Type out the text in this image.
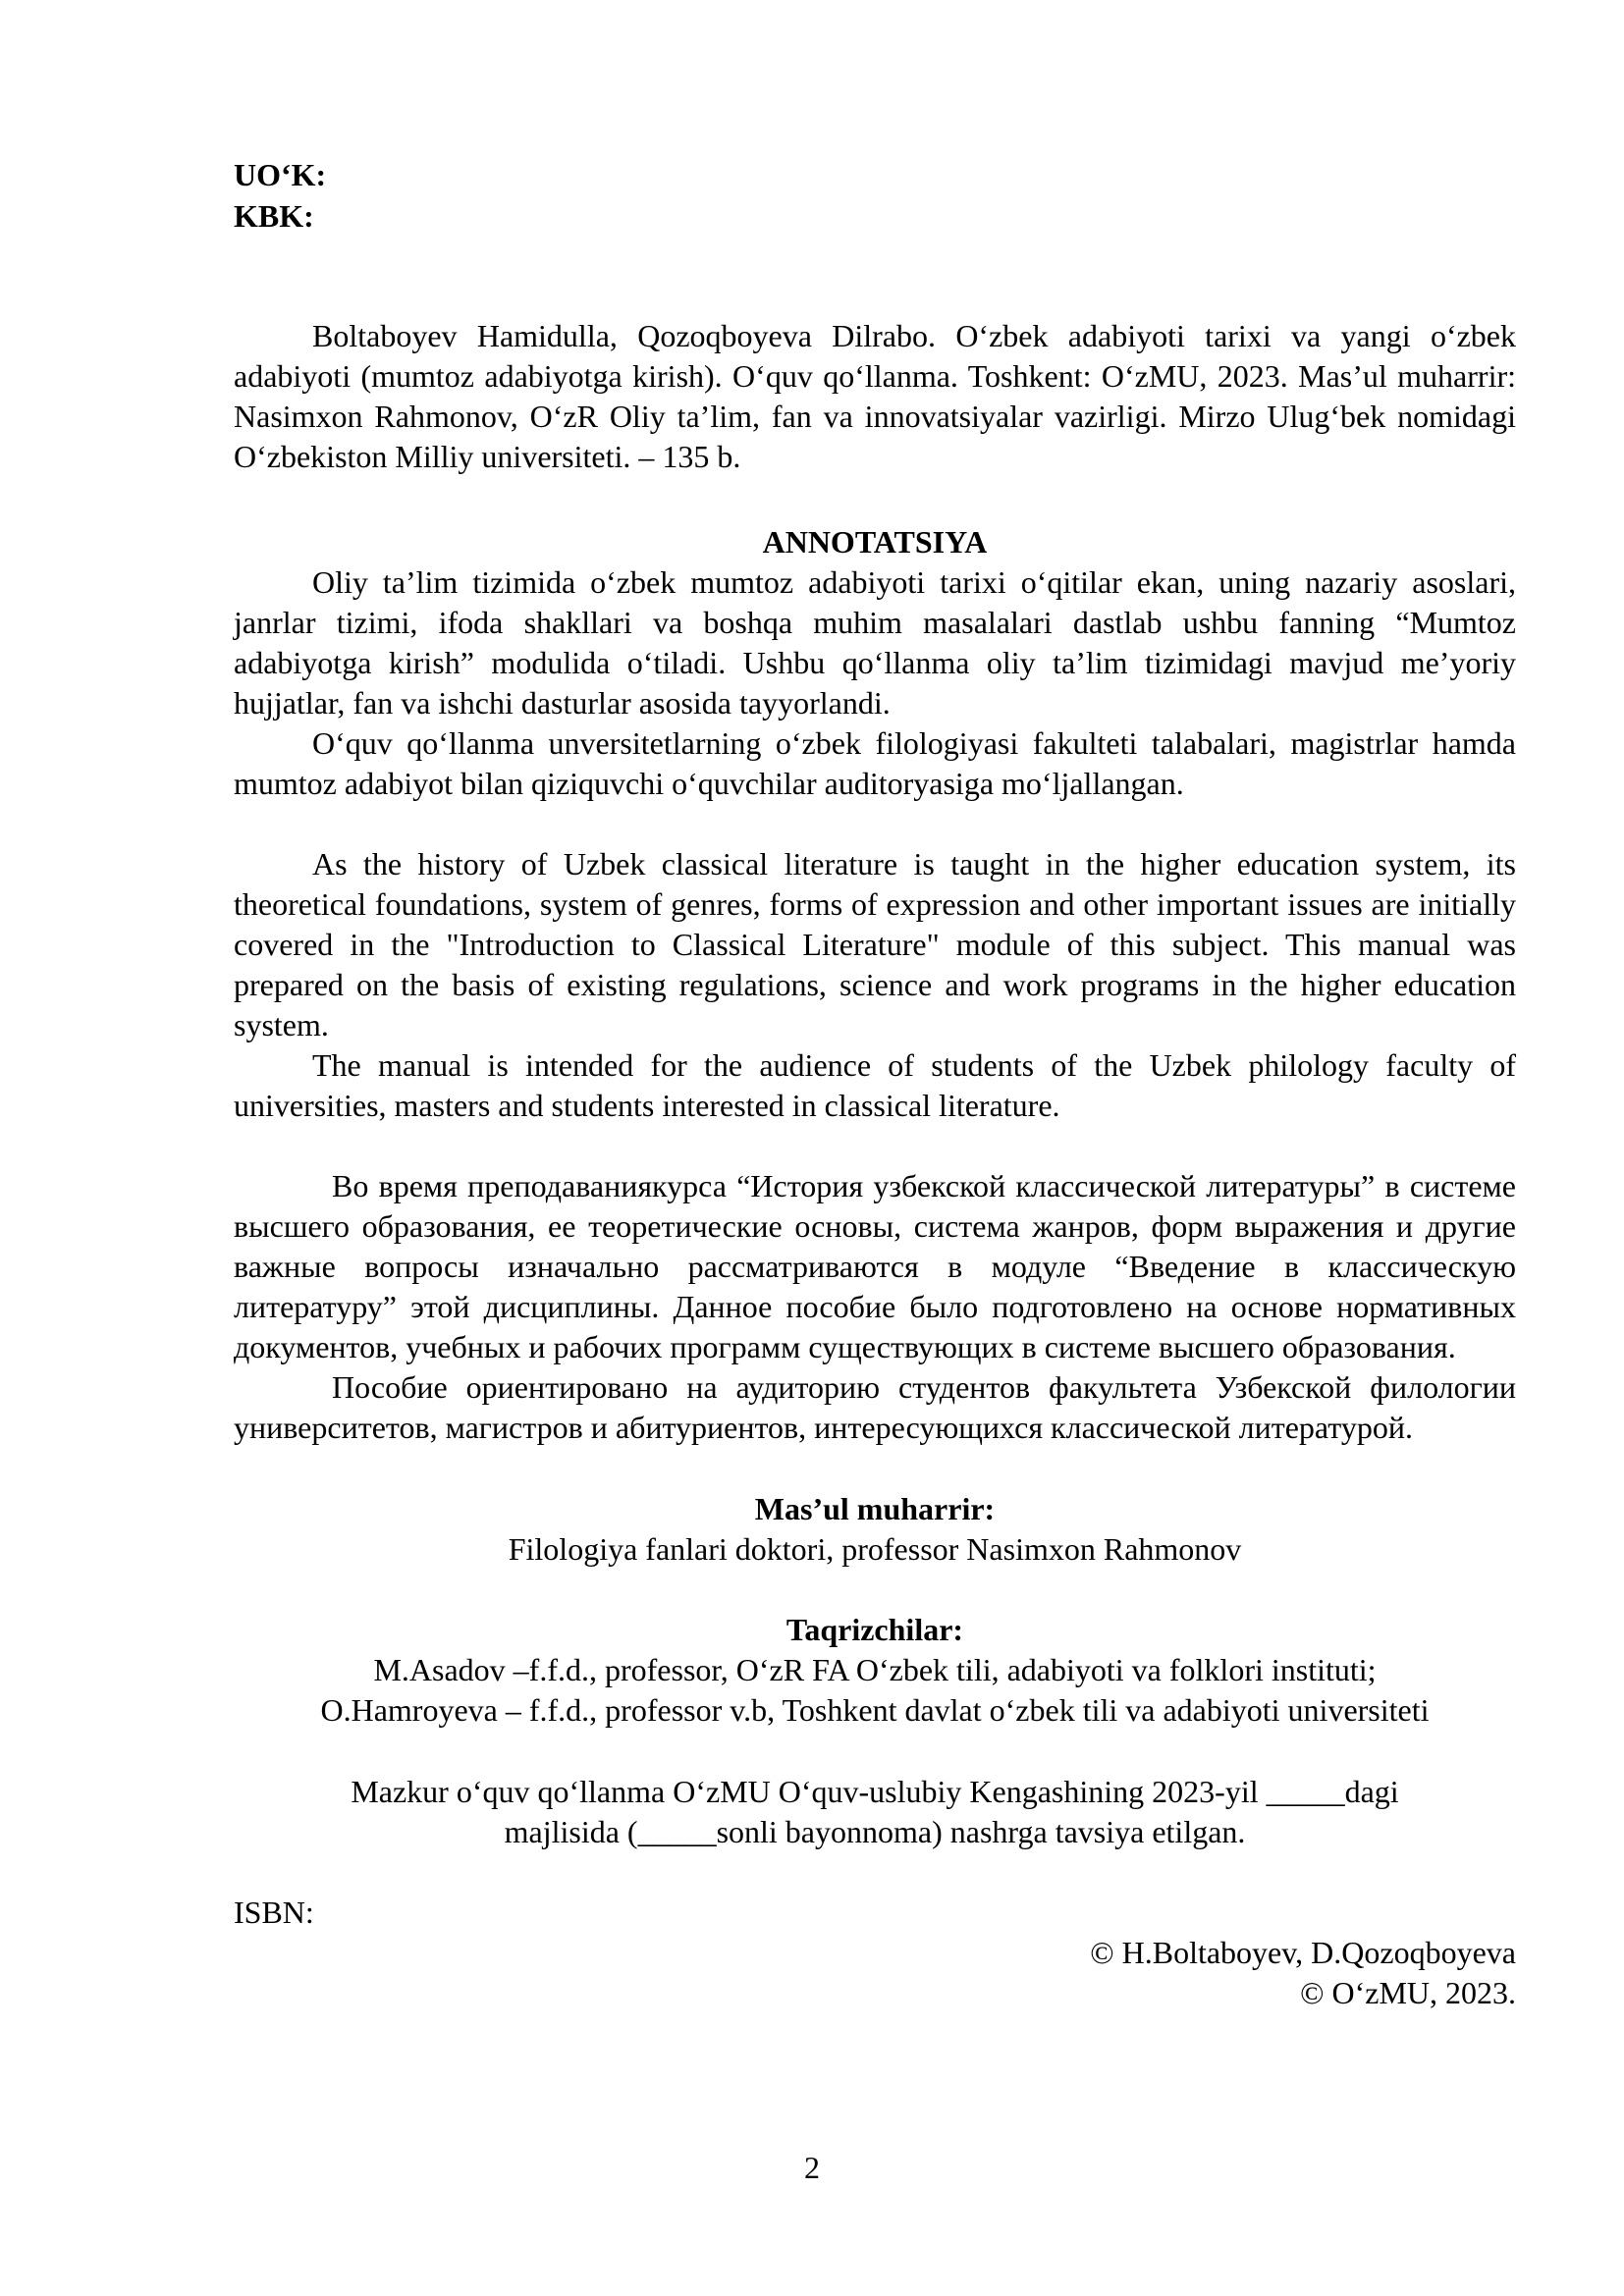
UO‘K:
KBK:

Boltaboyev Hamidulla, Qozoqboyeva Dilrabo. O‘zbek adabiyoti tarixi va yangi o‘zbek adabiyoti (mumtoz adabiyotga kirish). O‘quv qo‘llanma. Toshkent: O‘zMU, 2023. Mas’ul muharrir: Nasimxon Rahmonov, O‘zR Oliy ta’lim, fan va innovatsiyalar vazirligi. Mirzo Ulug‘bek nomidagi O‘zbekiston Milliy universiteti. – 135 b.

ANNOTATSIYA

Oliy ta’lim tizimida o‘zbek mumtoz adabiyoti tarixi o‘qitilar ekan, uning nazariy asoslari, janrlar tizimi, ifoda shakllari va boshqa muhim masalalari dastlab ushbu fanning “Mumtoz adabiyotga kirish” modulida o‘tiladi. Ushbu qo‘llanma oliy ta’lim tizimidagi mavjud me’yoriy hujjatlar, fan va ishchi dasturlar asosida tayyorlandi.

O‘quv qo‘llanma unversitetlarning o‘zbek filologiyasi fakulteti talabalari, magistrlar hamda mumtoz adabiyot bilan qiziquvchi o‘quvchilar auditoryasiga mo‘ljallangan.

As the history of Uzbek classical literature is taught in the higher education system, its theoretical foundations, system of genres, forms of expression and other important issues are initially covered in the "Introduction to Classical Literature" module of this subject. This manual was prepared on the basis of existing regulations, science and work programs in the higher education system.

The manual is intended for the audience of students of the Uzbek philology faculty of universities, masters and students interested in classical literature.

Во время преподаваниякурса “История узбекской классической литературы” в системе высшего образования, ее теоретические основы, система жанров, форм выражения и другие важные вопросы изначально рассматриваются в модуле “Введение в классическую литературу” этой дисциплины. Данное пособие было подготовлено на основе нормативных документов, учебных и рабочих программ существующих в системе высшего образования.

Пособие ориентировано на аудиторию студентов факультета Узбекской филологии университетов, магистров и абитуриентов, интересующихся классической литературой.

Mas’ul muharrir:
Filologiya fanlari doktori, professor Nasimxon Rahmonov
Taqrizchilar:
M.Asadov –f.f.d., professor, O‘zR FA O‘zbek tili, adabiyoti va folklori instituti;
O.Hamroyeva – f.f.d., professor v.b, Toshkent davlat o‘zbek tili va adabiyoti universiteti
Mazkur o‘quv qo‘llanma O‘zMU O‘quv-uslubiy Kengashining 2023-yil _____dagi
majlisida (_____sonli bayonnoma) nashrga tavsiya etilgan.
ISBN:
© H.Boltaboyev, D.Qozoqboyeva
© O‘zMU, 2023.
2
